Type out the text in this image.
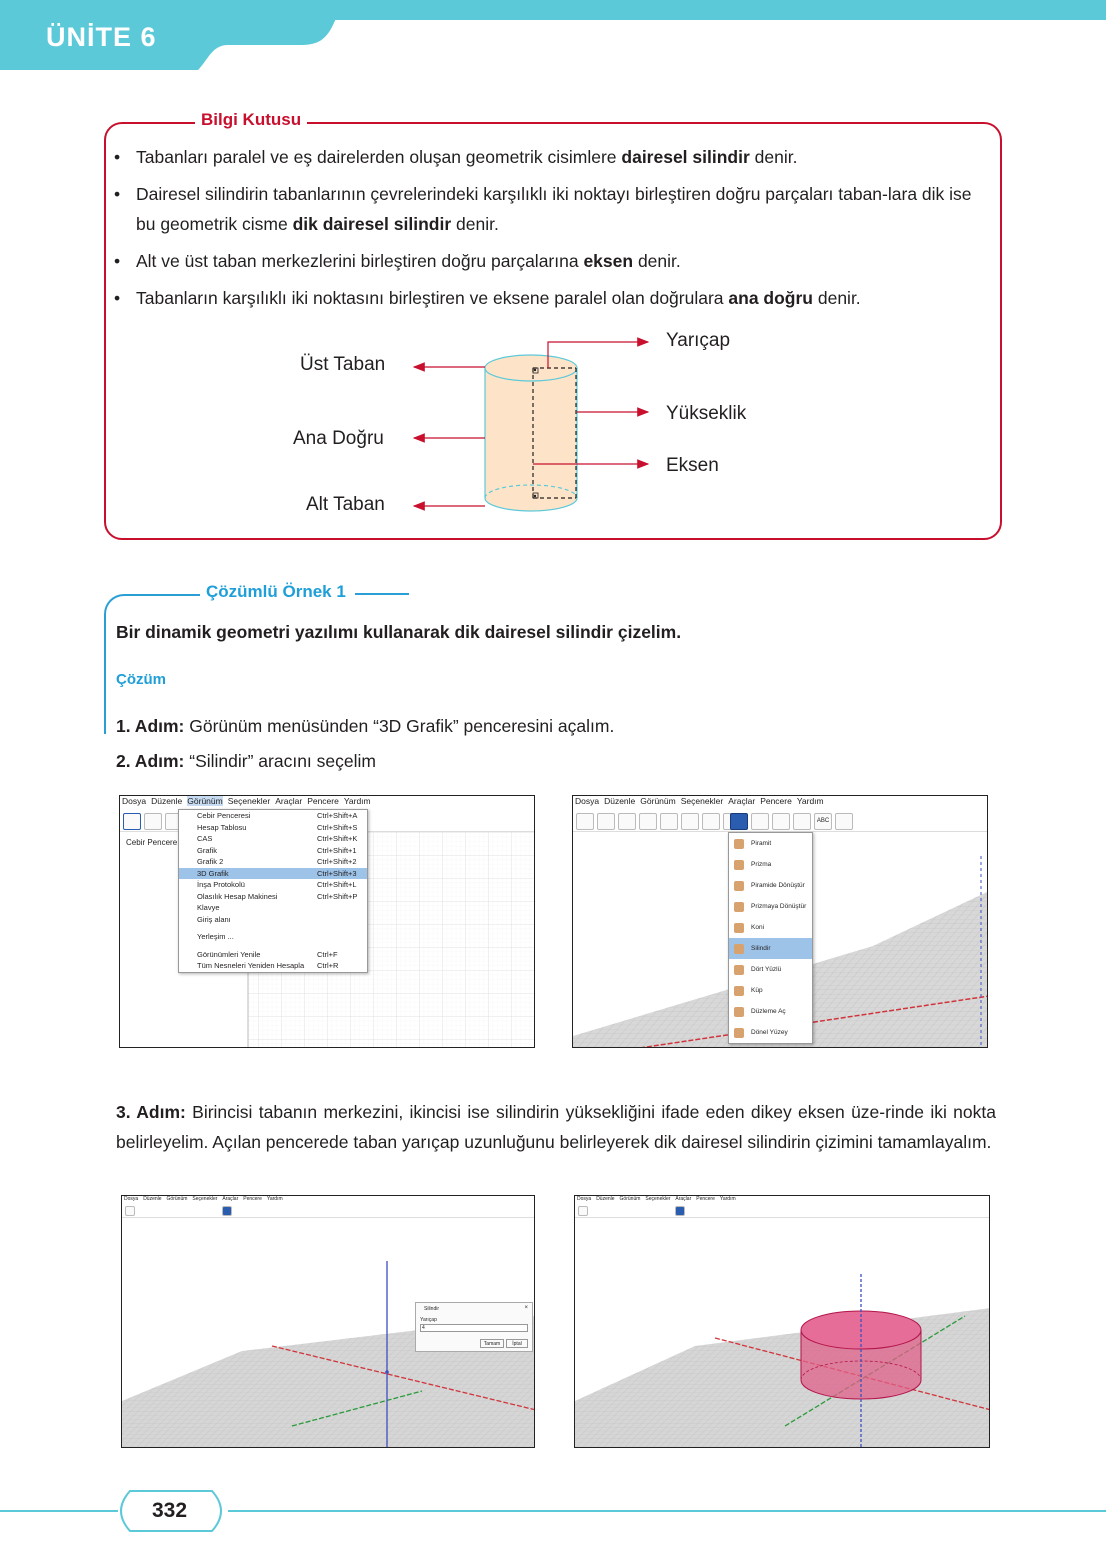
ÜNİTE 6
Bilgi Kutusu
• Tabanları paralel ve eş dairelerden oluşan geometrik cisimlere dairesel silindir denir.
• Dairesel silindirin tabanlarının çevrelerindeki karşılıklı iki noktayı birleştiren doğru parçaları taban-lara dik ise bu geometrik cisme dik dairesel silindir denir.
• Alt ve üst taban merkezlerini birleştiren doğru parçalarına eksen denir.
• Tabanların karşılıklı iki noktasını birleştiren ve eksene paralel olan doğrulara ana doğru denir.
Üst Taban
Ana Doğru
Alt Taban
Yarıçap
Yükseklik
Eksen
Çözümlü Örnek 1
Bir dinamik geometri yazılımı kullanarak dik dairesel silindir çizelim.
Çözüm
1. Adım: Görünüm menüsünden “3D Grafik” penceresini açalım.
2. Adım: “Silindir” aracını seçelim
Dosya Düzenle Görünüm Seçenekler Araçlar Pencere Yardım
Cebir Pencere
Cebir Penceresi	Ctrl+Shift+A
Hesap Tablosu	Ctrl+Shift+S
CAS	Ctrl+Shift+K
Grafik	Ctrl+Shift+1
Grafik 2	Ctrl+Shift+2
3D Grafik	Ctrl+Shift+3
İnşa Protokolü	Ctrl+Shift+L
Olasılık Hesap Makinesi	Ctrl+Shift+P
Klavye
Giriş alanı
Yerleşim ...
Görünümleri Yenile	Ctrl+F
Tüm Nesneleri Yeniden Hesapla Ctrl+R
Dosya Düzenle Görünüm Seçenekler Araçlar Pencere Yardım
ABC
Piramit
Prizma
Piramide Dönüştür
Prizmaya Dönüştür
Koni
Silindir
Dört Yüzlü
Küp
Düzleme Aç
Dönel Yüzey
3. Adım: Birincisi tabanın merkezini, ikincisi ise silindirin yüksekliğini ifade eden dikey eksen üze-rinde iki nokta belirleyelim. Açılan pencerede taban yarıçap uzunluğunu belirleyerek dik dairesel silindirin çizimini tamamlayalım.
Dosya Düzenle Görünüm Seçenekler Araçlar Pencere Yardım
Silindir	×
Yarıçap
4
Tamam	İptal
Dosya Düzenle Görünüm Seçenekler Araçlar Pencere Yardım
332
